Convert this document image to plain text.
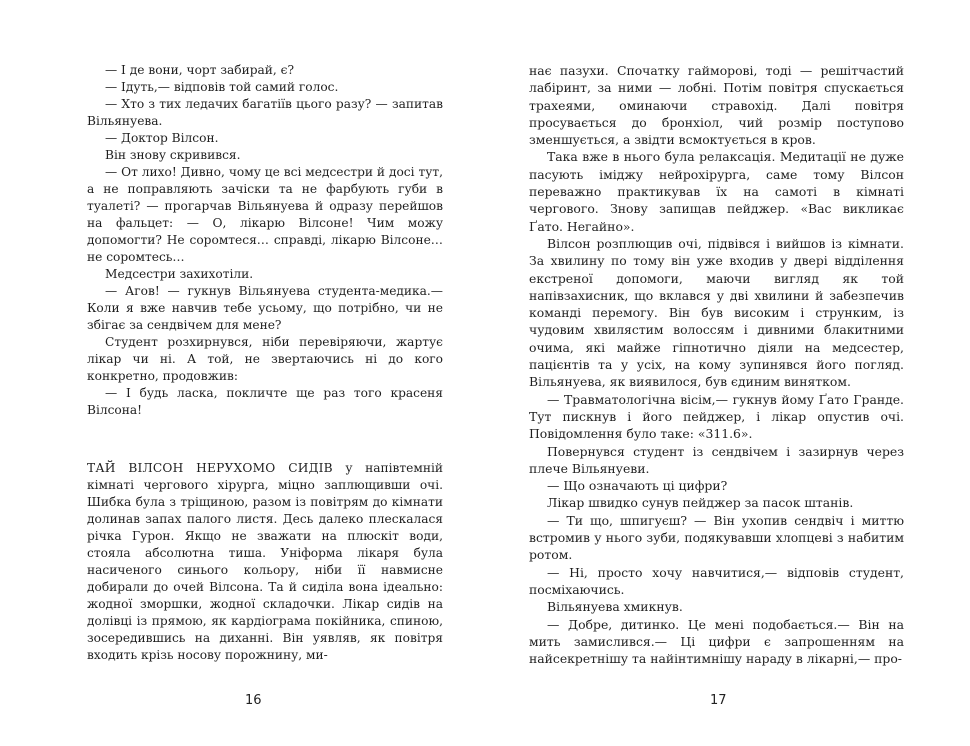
— І де вони, чорт забирай, є?

— Ідуть,— відповів той самий голос.

— Хто з тих ледачих багатіїв цього разу? — запитав Вільянуева.

— Доктор Вілсон.

Він знову скривився.

— От лихо! Дивно, чому це всі медсестри й досі тут, а не поправляють зачіски та не фарбують губи в туалеті? — прогарчав Вільянуева й одразу перейшов на фальцет: — О, лікарю Вілсоне! Чим можу допомогти? Не соромтеся… справді, лікарю Вілсоне… не соромтесь…

Медсестри захихотіли.

— Агов! — гукнув Вільянуева студента-медика.— Коли я вже навчив тебе усьому, що потрібно, чи не збігає за сендвічем для мене?

Студент розхирнувся, ніби перевіряючи, жартує лікар чи ні. А той, не звертаючись ні до кого конкретно, продовжив:

— І будь ласка, покличте ще раз того красеня Вілсона!

ТАЙ ВІЛСОН НЕРУХОМО СИДІВ у напівтемній кімнаті чергового хірурга, міцно заплющивши очі. Шибка була з тріщиною, разом із повітрям до кімнати долинав запах палого листя. Десь далеко плескалася річка Гурон. Якщо не зважати на плюскіт води, стояла абсолютна тиша. Уніформа лікаря була насиченого синього кольору, ніби її навмисне добирали до очей Вілсона. Та й сиділа вона ідеально: жодної зморшки, жодної складочки. Лікар сидів на долівці із прямою, як кардіограма покійника, спиною, зосередившись на диханні. Він уявляв, як повітря входить крізь носову порожнину, ми-

нає пазухи. Спочатку гайморові, тоді — решітчастий лабіринт, за ними — лобні. Потім повітря спускається трахеями, оминаючи стравохід. Далі повітря просувається до бронхіол, чий розмір поступово зменшується, а звідти всмоктується в кров.

Така вже в нього була релаксація. Медитації не дуже пасують іміджу нейрохірурга, саме тому Вілсон переважно практикував їх на самоті в кімнаті чергового. Знову запищав пейджер. «Вас викликає Ґато. Негайно».

Вілсон розплющив очі, підвівся і вийшов із кімнати. За хвилину по тому він уже входив у двері відділення екстреної допомоги, маючи вигляд як той напівзахисник, що вклався у дві хвилини й забезпечив команді перемогу. Він був високим і струнким, із чудовим хвилястим волоссям і дивними блакитними очима, які майже гіпнотично діяли на медсестер, пацієнтів та у усіх, на кому зупинявся його погляд. Вільянуева, як виявилося, був єдиним винятком.

— Травматологічна вісім,— гукнув йому Ґато Гранде. Тут пискнув і його пейджер, і лікар опустив очі. Повідомлення було таке: «311.6».

Повернувся студент із сендвічем і зазирнув через плече Вільянуеви.

— Що означають ці цифри?

Лікар швидко сунув пейджер за пасок штанів.

— Ти що, шпигуєш? — Він ухопив сендвіч і миттю встромив у нього зуби, подякувавши хлопцеві з набитим ротом.

— Ні, просто хочу навчитися,— відповів студент, посміхаючись.

Вільянуева хмикнув.

— Добре, дитинко. Це мені подобається.— Він на мить замислився.— Ці цифри є запрошенням на найсекретнішу та найінтимнішу нараду в лікарні,— про-

16	17
